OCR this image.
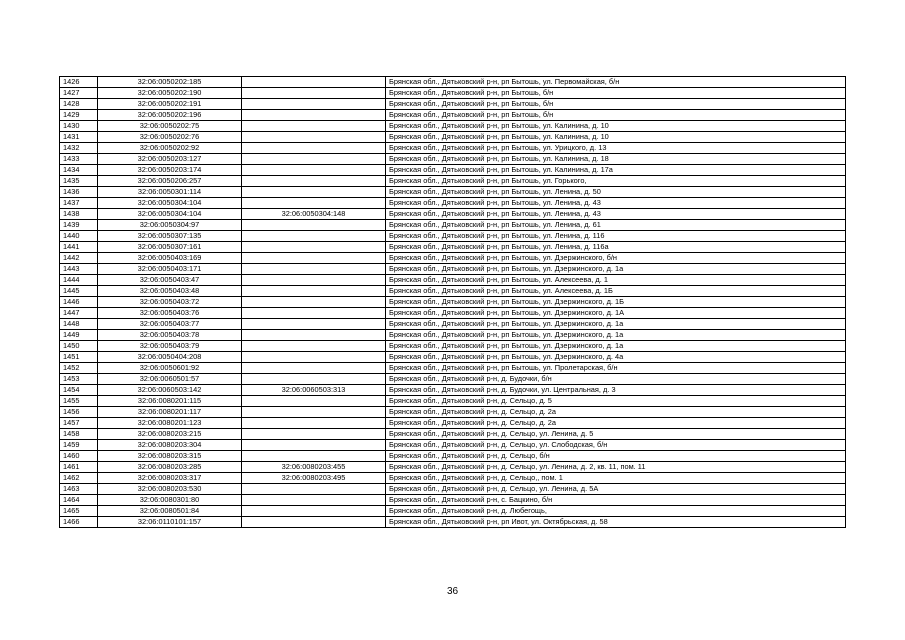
1426	32:06:0050202:185		Брянская обл., Дятьковский р-н, рп Бытошь, ул. Первомайская, б/н
1427	32:06:0050202:190		Брянская обл., Дятьковский р-н, рп Бытошь, б/н
1428	32:06:0050202:191		Брянская обл., Дятьковский р-н, рп Бытошь, б/н
1429	32:06:0050202:196		Брянская обл., Дятьковский р-н, рп Бытошь, б/н
1430	32:06:0050202:75		Брянская обл., Дятьковский р-н, рп Бытошь, ул. Калинина, д. 10
1431	32:06:0050202:76		Брянская обл., Дятьковский р-н, рп Бытошь, ул. Калинина, д. 10
1432	32:06:0050202:92		Брянская обл., Дятьковский р-н, рп Бытошь, ул. Урицкого, д. 13
1433	32:06:0050203:127		Брянская обл., Дятьковский р-н, рп Бытошь, ул. Калинина, д. 18
1434	32:06:0050203:174		Брянская обл., Дятьковский р-н, рп Бытошь, ул. Калинина, д. 17а
1435	32:06:0050206:257		Брянская обл., Дятьковский р-н, рп Бытошь, ул. Горького,
1436	32:06:0050301:114		Брянская обл., Дятьковский р-н, рп Бытошь, ул. Ленина, д. 50
1437	32:06:0050304:104		Брянская обл., Дятьковский р-н, рп Бытошь, ул. Ленина, д. 43
1438	32:06:0050304:104	32:06:0050304:148	Брянская обл., Дятьковский р-н, рп Бытошь, ул. Ленина, д. 43
1439	32:06:0050304:97		Брянская обл., Дятьковский р-н, рп Бытошь, ул. Ленина, д. 61
1440	32:06:0050307:135		Брянская обл., Дятьковский р-н, рп Бытошь, ул. Ленина, д. 116
1441	32:06:0050307:161		Брянская обл., Дятьковский р-н, рп Бытошь, ул. Ленина, д. 116а
1442	32:06:0050403:169		Брянская обл., Дятьковский р-н, рп Бытошь, ул. Дзержинского, б/н
1443	32:06:0050403:171		Брянская обл., Дятьковский р-н, рп Бытошь, ул. Дзержинского, д. 1а
1444	32:06:0050403:47		Брянская обл., Дятьковский р-н, рп Бытошь, ул. Алексеева, д. 1
1445	32:06:0050403:48		Брянская обл., Дятьковский р-н, рп Бытошь, ул. Алексеева, д. 1Б
1446	32:06:0050403:72		Брянская обл., Дятьковский р-н, рп Бытошь, ул. Дзержинского, д. 1Б
1447	32:06:0050403:76		Брянская обл., Дятьковский р-н, рп Бытошь, ул. Дзержинского, д. 1А
1448	32:06:0050403:77		Брянская обл., Дятьковский р-н, рп Бытошь, ул. Дзержинского, д. 1а
1449	32:06:0050403:78		Брянская обл., Дятьковский р-н, рп Бытошь, ул. Дзержинского, д. 1а
1450	32:06:0050403:79		Брянская обл., Дятьковский р-н, рп Бытошь, ул. Дзержинского, д. 1а
1451	32:06:0050404:208		Брянская обл., Дятьковский р-н, рп Бытошь, ул. Дзержинского, д. 4а
1452	32:06:0050601:92		Брянская обл., Дятьковский р-н, рп Бытошь, ул. Пролетарская, б/н
1453	32:06:0060501:57		Брянская обл., Дятьковский р-н, д. Будочки, б/н
1454	32:06:0060503:142	32:06:0060503:313	Брянская обл., Дятьковский р-н, д. Будочки, ул. Центральная, д. 3
1455	32:06:0080201:115		Брянская обл., Дятьковский р-н, д. Сельцо, д. 5
1456	32:06:0080201:117		Брянская обл., Дятьковский р-н, д. Сельцо, д. 2а
1457	32:06:0080201:123		Брянская обл., Дятьковский р-н, д. Сельцо, д. 2а
1458	32:06:0080203:215		Брянская обл., Дятьковский р-н, д. Сельцо, ул. Ленина, д. 5
1459	32:06:0080203:304		Брянская обл., Дятьковский р-н, д. Сельцо, ул. Слободская, б/н
1460	32:06:0080203:315		Брянская обл., Дятьковский р-н, д. Сельцо, б/н
1461	32:06:0080203:285	32:06:0080203:455	Брянская обл., Дятьковский р-н, д. Сельцо, ул. Ленина, д. 2, кв. 11, пом. 11
1462	32:06:0080203:317	32:06:0080203:495	Брянская обл., Дятьковский р-н, д. Сельцо,, пом. 1
1463	32:06:0080203:530		Брянская обл., Дятьковский р-н, д. Сельцо, ул. Ленина, д. 5А
1464	32:06:0080301:80		Брянская обл., Дятьковский р-н, с. Бацкино, б/н
1465	32:06:0080501:84		Брянская обл., Дятьковский р-н, д. Любегощь,
1466	32:06:0110101:157		Брянская обл., Дятьковский р-н, рп Ивот, ул. Октябрьская, д. 58
36
